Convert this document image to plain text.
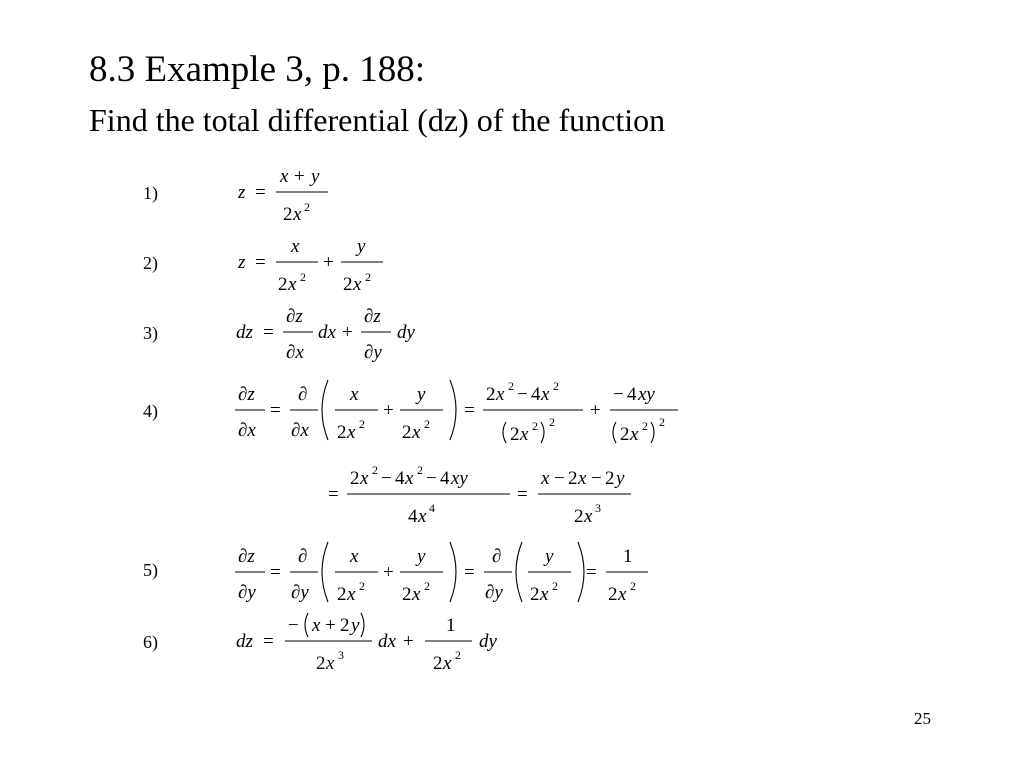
8.3 Example 3, p. 188:
Find the total differential (dz) of the function
1)
2)
3)
4)
5)
6)
z =
x + y
2 x 2
z =
x
2 x 2
+
y
2 x 2
dz =
∂z
∂x
dx +
∂z
∂y
dy
∂z
∂x
=
∂
∂x
x
2 x 2
+
y
2 x 2
=
2 x 2 − 4 x 2
2 x 2 2
+
− 4 xy
2 x 2 2
=
2 x 2 − 4 x 2 − 4 xy
4 x 4
=
x − 2 x − 2 y
2 x 3
∂z
∂y
=
∂
∂y
x
2 x 2
+
y
2 x 2
=
∂
∂y
y
2 x 2
=
1
2 x 2
dz =
− x + 2 y
2 x 3
dx +
1
2 x 2
dy
25
